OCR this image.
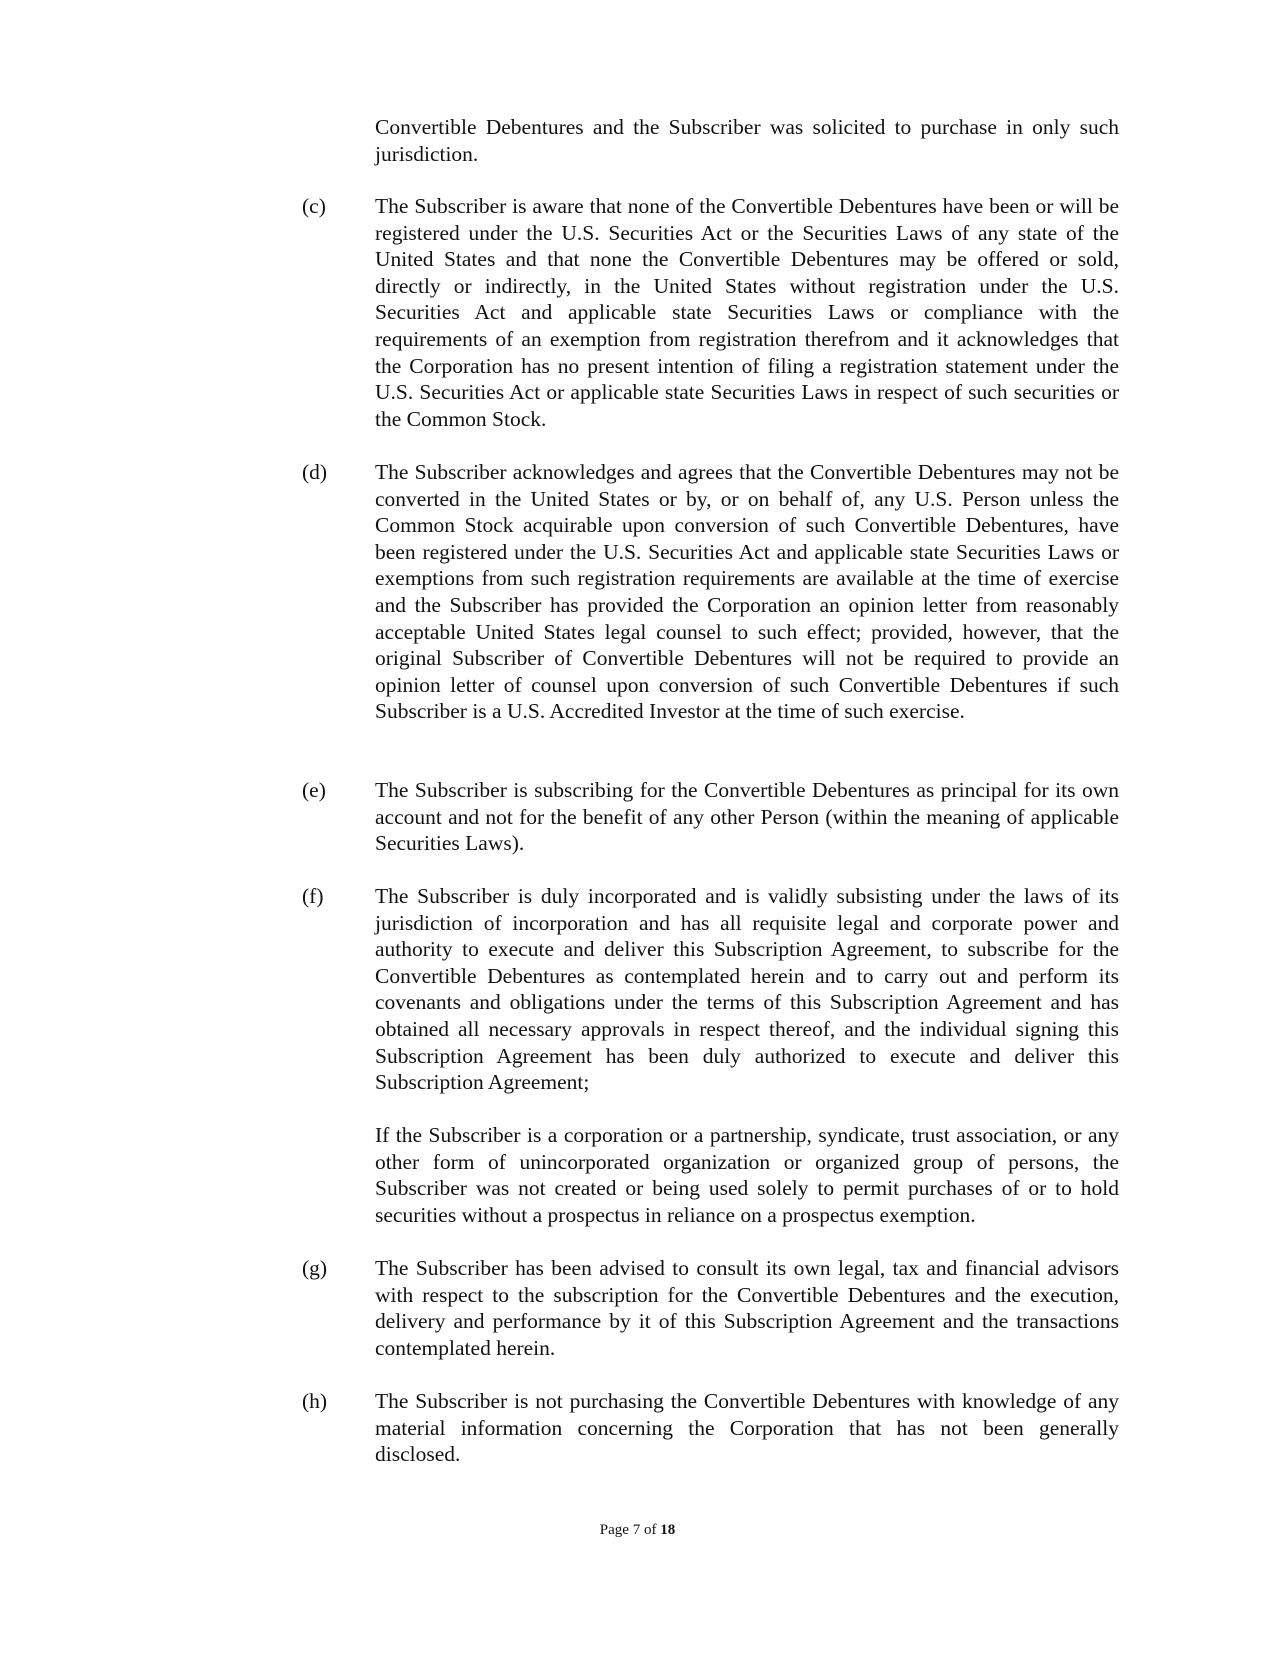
Convertible Debentures and the Subscriber was solicited to purchase in only such jurisdiction.
(c) The Subscriber is aware that none of the Convertible Debentures have been or will be registered under the U.S. Securities Act or the Securities Laws of any state of the United States and that none the Convertible Debentures may be offered or sold, directly or indirectly, in the United States without registration under the U.S. Securities Act and applicable state Securities Laws or compliance with the requirements of an exemption from registration therefrom and it acknowledges that the Corporation has no present intention of filing a registration statement under the U.S. Securities Act or applicable state Securities Laws in respect of such securities or the Common Stock.
(d) The Subscriber acknowledges and agrees that the Convertible Debentures may not be converted in the United States or by, or on behalf of, any U.S. Person unless the Common Stock acquirable upon conversion of such Convertible Debentures, have been registered under the U.S. Securities Act and applicable state Securities Laws or exemptions from such registration requirements are available at the time of exercise and the Subscriber has provided the Corporation an opinion letter from reasonably acceptable United States legal counsel to such effect; provided, however, that the original Subscriber of Convertible Debentures will not be required to provide an opinion letter of counsel upon conversion of such Convertible Debentures if such Subscriber is a U.S. Accredited Investor at the time of such exercise.
(e) The Subscriber is subscribing for the Convertible Debentures as principal for its own account and not for the benefit of any other Person (within the meaning of applicable Securities Laws).
(f) The Subscriber is duly incorporated and is validly subsisting under the laws of its jurisdiction of incorporation and has all requisite legal and corporate power and authority to execute and deliver this Subscription Agreement, to subscribe for the Convertible Debentures as contemplated herein and to carry out and perform its covenants and obligations under the terms of this Subscription Agreement and has obtained all necessary approvals in respect thereof, and the individual signing this Subscription Agreement has been duly authorized to execute and deliver this Subscription Agreement;
If the Subscriber is a corporation or a partnership, syndicate, trust association, or any other form of unincorporated organization or organized group of persons, the Subscriber was not created or being used solely to permit purchases of or to hold securities without a prospectus in reliance on a prospectus exemption.
(g) The Subscriber has been advised to consult its own legal, tax and financial advisors with respect to the subscription for the Convertible Debentures and the execution, delivery and performance by it of this Subscription Agreement and the transactions contemplated herein.
(h) The Subscriber is not purchasing the Convertible Debentures with knowledge of any material information concerning the Corporation that has not been generally disclosed.
Page 7 of 18
